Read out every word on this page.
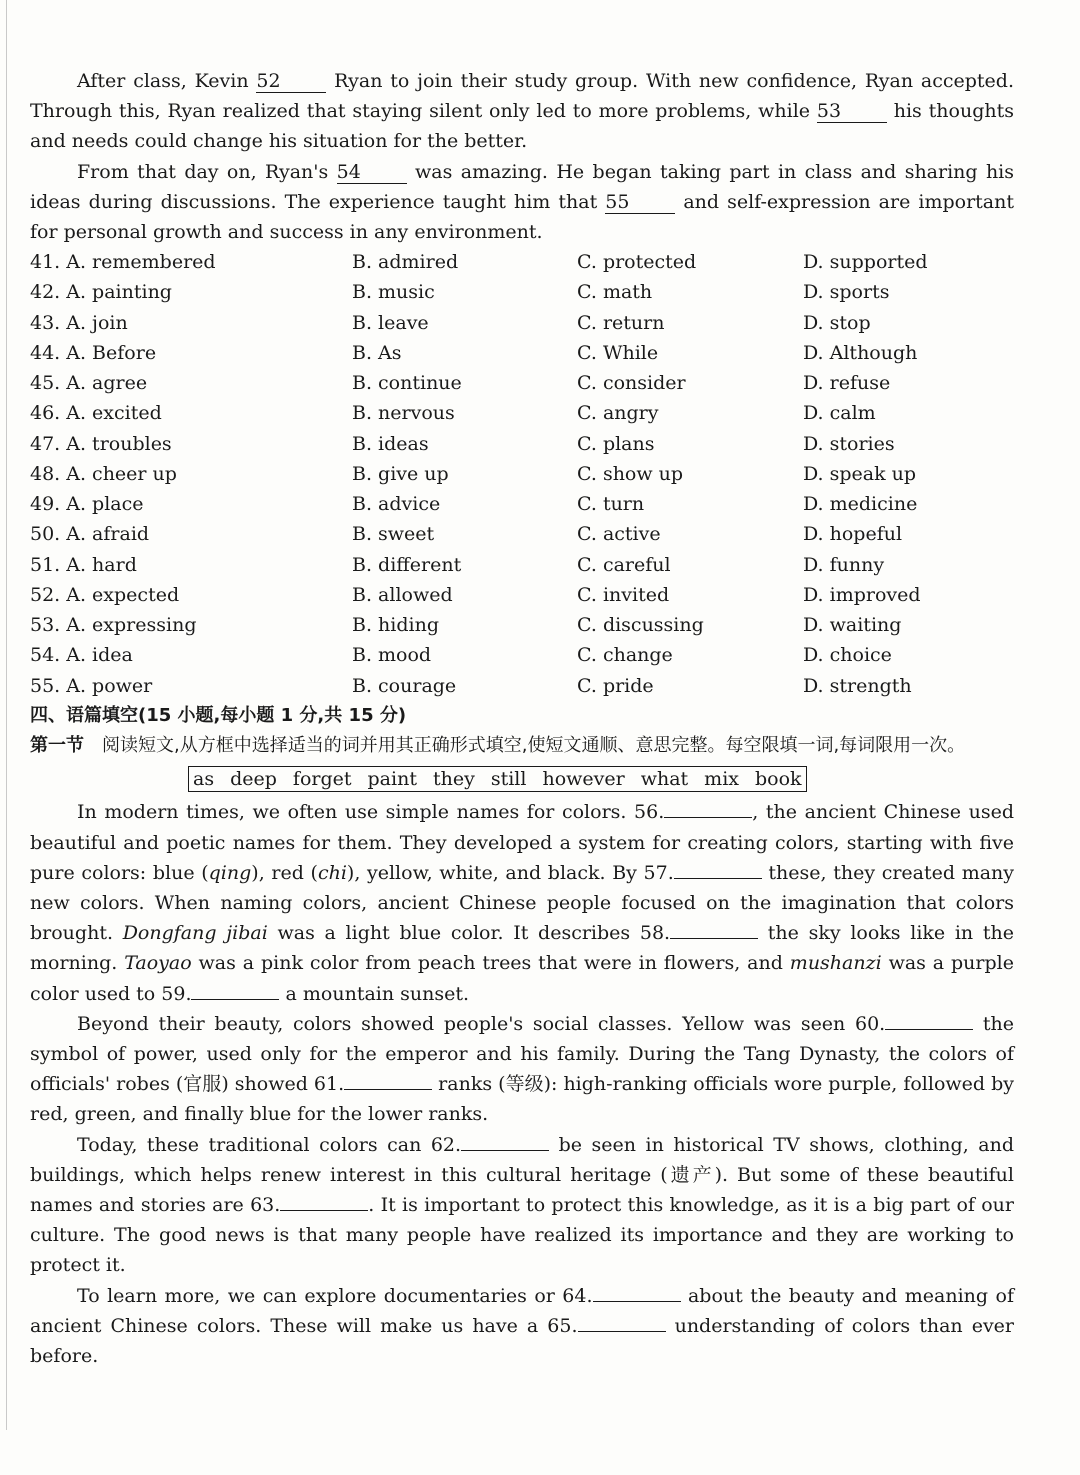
After class, Kevin 52 Ryan to join their study group. With new confidence, Ryan accepted. Through this, Ryan realized that staying silent only led to more problems, while 53 his thoughts and needs could change his situation for the better.

From that day on, Ryan's 54 was amazing. He began taking part in class and sharing his ideas during discussions. The experience taught him that 55 and self-expression are important for personal growth and success in any environment.

41. A. remembered	B. admired	C. protected	D. supported
42. A. painting	B. music	C. math	D. sports
43. A. join	B. leave	C. return	D. stop
44. A. Before	B. As	C. While	D. Although
45. A. agree	B. continue	C. consider	D. refuse
46. A. excited	B. nervous	C. angry	D. calm
47. A. troubles	B. ideas	C. plans	D. stories
48. A. cheer up	B. give up	C. show up	D. speak up
49. A. place	B. advice	C. turn	D. medicine
50. A. afraid	B. sweet	C. active	D. hopeful
51. A. hard	B. different	C. careful	D. funny
52. A. expected	B. allowed	C. invited	D. improved
53. A. expressing	B. hiding	C. discussing	D. waiting
54. A. idea	B. mood	C. change	D. choice
55. A. power	B. courage	C. pride	D. strength

四、语篇填空(15 小题,每小题 1 分,共 15 分)

第一节　阅读短文,从方框中选择适当的词并用其正确形式填空,使短文通顺、意思完整。每空限填一词,每词限用一次。

as deep forget paint they still however what mix book

In modern times, we often use simple names for colors. 56.	, the ancient Chinese used beautiful and poetic names for them. They developed a system for creating colors, starting with five pure colors: blue (qing), red (chi), yellow, white, and black. By 57.	these, they created many new colors. When naming colors, ancient Chinese people focused on the imagination that colors brought. Dongfang jibai was a light blue color. It describes 58.	the sky looks like in the morning. Taoyao was a pink color from peach trees that were in flowers, and mushanzi was a purple color used to 59.	a mountain sunset.

Beyond their beauty, colors showed people's social classes. Yellow was seen 60.	the symbol of power, used only for the emperor and his family. During the Tang Dynasty, the colors of officials' robes (官服) showed 61.	ranks (等级): high-ranking officials wore purple, followed by red, green, and finally blue for the lower ranks.

Today, these traditional colors can 62.	be seen in historical TV shows, clothing, and buildings, which helps renew interest in this cultural heritage (遗产). But some of these beautiful names and stories are 63.	. It is important to protect this knowledge, as it is a big part of our culture. The good news is that many people have realized its importance and they are working to protect it.

To learn more, we can explore documentaries or 64.	about the beauty and meaning of ancient Chinese colors. These will make us have a 65.	understanding of colors than ever before.
